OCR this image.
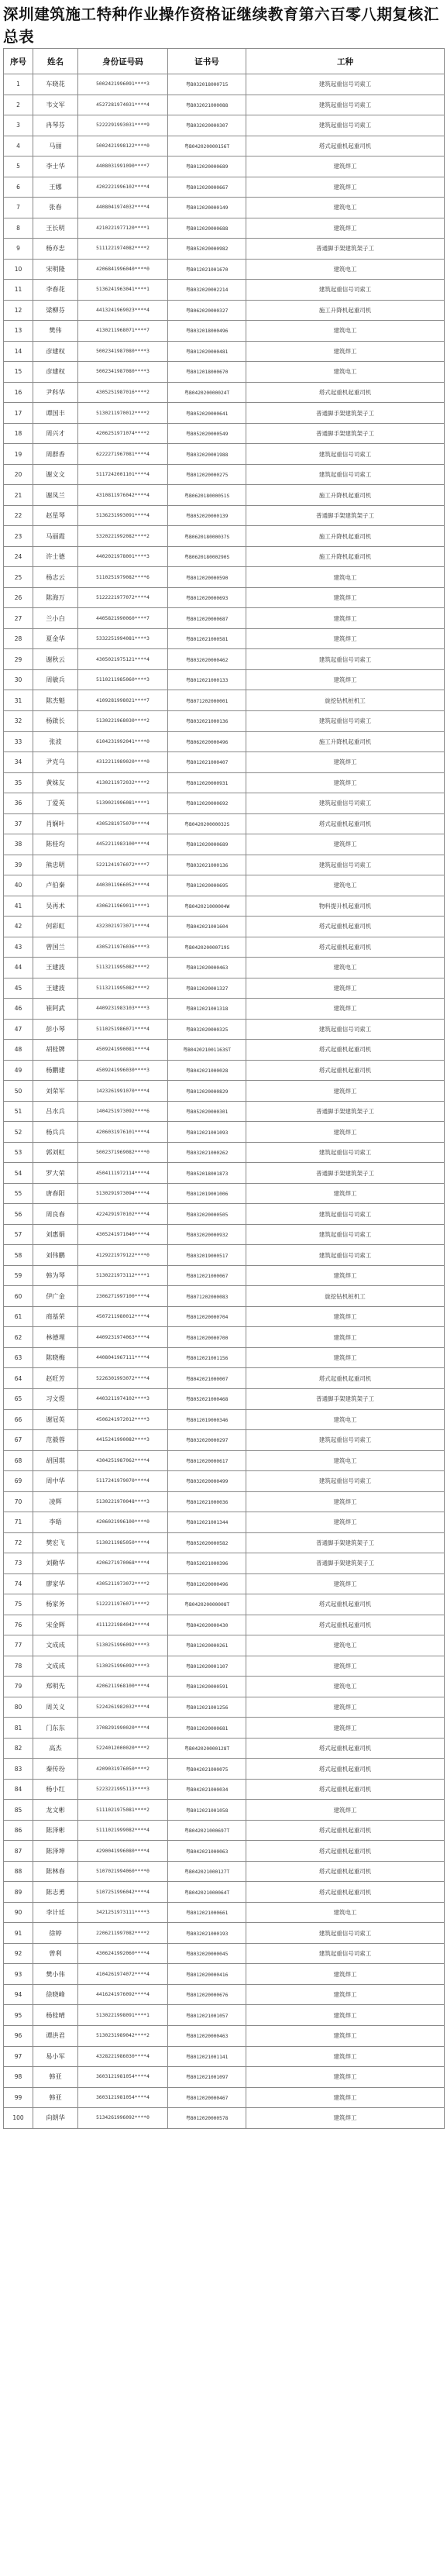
深圳建筑施工特种作业操作资格证继续教育第六百零八期复核汇总表
序号	姓名	身份证号码	证书号	工种
1	车晓花	5002421996091****3	粤B032018000715	建筑起重信号司索工
2	韦文军	4527281974031****4	粤B032021000088	建筑起重信号司索工
3	冉琴芬	5222291993031****9	粤B032020000307	建筑起重信号司索工
4	马丽	5002421998122****0	粤B042020000156T	塔式起重机起重司机
5	李士华	4408031991090****7	粤B012020000689	建筑焊工
6	王娜	4202221996102****4	粤B012020000667	建筑焊工
7	张春	4408041974032****4	粤B012020000149	建筑电工
8	王长明	4210221977120****1	粤B012020000688	建筑焊工
9	杨亦忠	5111221974082****2	粤B052020000982	普通脚手架建筑架子工
10	宋明隆	4206841996040****0	粤B012021001670	建筑电工
11	李春花	5136241963041****1	粤B032020002214	建筑起重信号司索工
12	梁柳芬	4413241969023****4	粤B062020000327	施工升降机起重司机
13	樊伟	4130211968071****7	粤B032018000496	建筑电工
14	彦建权	5002341987080****3	粤B012020000481	建筑焊工
15	彦建权	5002341987080****3	粤B012018000670	建筑电工
16	尹科华	4305251987016****2	粤B042020000024T	塔式起重机起重司机
17	谭国丰	5130211970012****2	粤B052020000641	普通脚手架建筑架子工
18	周兴才	4206251971074****2	粤B052020000549	普通脚手架建筑架子工
19	周群香	6222271967081****4	粤B032020001988	建筑起重信号司索工
20	谢文文	5117242001101****4	粤B012020000275	建筑起重信号司索工
21	谢凤兰	4310811976042****4	粤B062018000051S	施工升降机起重司机
22	赵星琴	5136231993091****4	粤B052020000139	普通脚手架建筑架子工
23	马丽霞	5320221992082****2	粤B062018000037S	施工升降机起重司机
24	许士德	4402021978001****3	粤B062018000290S	施工升降机起重司机
25	杨志云	5110251979082****6	粤B012020000590	建筑电工
26	陈海万	5122221977072****4	粤B012020000693	建筑焊工
27	兰小白	4405821990060****7	粤B012020000687	建筑焊工
28	夏金华	5332251994081****3	粤B012021000581	建筑焊工
29	谢秋云	4305021975121****4	粤B032020000462	建筑起重信号司索工
30	周敏兵	5110211985060****3	粤B012021000133	建筑焊工
31	陈杰魁	4109281998021****7	粤B071202000001	旋挖钻机桩机工
32	杨啟长	5130221968030****2	粤B032021000136	建筑起重信号司索工
33	张波	6104231992041****0	粤B062020000496	施工升降机起重司机
34	尹克乌	4312211989020****0	粤B012021000407	建筑焊工
35	黄妹友	4130211972032****2	粤B012020000931	建筑焊工
36	丁爱英	5139021996081****1	粤B012020000692	建筑起重信号司索工
37	肖娴叶	4305281975070****4	粤B042020000032S	塔式起重机起重司机
38	陈桂均	4452211983100****4	粤B012020000689	建筑焊工
39	熊忠明	5221241976072****7	粤B032021000136	建筑起重信号司索工
40	卢伯秦	4403011966052****4	粤B012020000695	建筑电工
41	吴再术	4306211969011****1	粤B042021000004W	物料提升机起重司机
42	何彩虹	4323021973071****4	粤B042021001604	塔式起重机起重司机
43	曾国兰	4305211976036****3	粤B042020000719S	塔式起重机起重司机
44	王建波	5113211995082****2	粤B012020000463	建筑电工
45	王建波	5113211995082****2	粤B012020001327	建筑焊工
46	崔阿武	4409231983103****3	粤B012021001318	建筑焊工
47	彭小琴	5110251986071****4	粤B032020000325	建筑起重信号司索工
48	胡桂牌	4509241990081****4	粤B042021001163ST	塔式起重机起重司机
49	杨鹏建	4509241996030****3	粤B042021000028	塔式起重机起重司机
50	刘荣军	1423261991070****4	粤B012020000829	建筑焊工
51	吕水兵	1404251973092****6	粤B052020000301	普通脚手架建筑架子工
52	杨兵兵	4206031976101****4	粤B012021001093	建筑焊工
53	郭刘虹	5002371969082****0	粤B032021000262	建筑起重信号司索工
54	罗大荣	4504111972114****4	粤B052018001873	普通脚手架建筑架子工
55	唐春阳	5130291973094****4	粤B012019001006	建筑焊工
56	周良春	4224291970102****4	粤B032020000505	建筑起重信号司索工
57	刘惠娟	4305241971040****4	粤B032020000932	建筑起重信号司索工
58	刘伟鹏	4129221979122****0	粤B032019000517	建筑起重信号司索工
59	韩为琴	5130221973112****1	粤B012021000067	建筑焊工
60	伊广金	2306271997100****4	粤B071202000083	旋挖钻机桩机工
61	商基荣	4507211980012****4	粤B012020000704	建筑焊工
62	林德埋	4409231974063****4	粤B012020000700	建筑焊工
63	陈晓梅	4408041967111****4	粤B012021001156	建筑焊工
64	赵旺芳	5226301993072****4	粤B042021000007	塔式起重机起重司机
65	习文煜	4403211974102****3	粤B052021000468	普通脚手架建筑架子工
66	谢冠英	4506241972012****3	粤B012019000346	建筑电工
67	范毅蓉	4415241990082****3	粤B032020000297	建筑起重信号司索工
68	胡国琪	4304251987062****4	粤B012020000617	建筑电工
69	周中华	5117241979070****4	粤B032020000499	建筑起重信号司索工
70	凌辉	5130221970048****3	粤B012021000036	建筑焊工
71	李晤	4206021996100****0	粤B012021001344	建筑焊工
72	樊宏飞	5130211985050****4	粤B052020000582	普通脚手架建筑架子工
73	刘勤华	4206271970068****4	粤B052021000396	普通脚手架建筑架子工
74	廖家华	4305211973072****2	粤B012020000496	建筑焊工
75	杨家务	5122211976071****2	粤B042020000008T	塔式起重机起重司机
76	宋金辉	4111221984042****4	粤B042020000430	塔式起重机起重司机
77	文成成	5130251996092****3	粤B012020000261	建筑电工
78	文成成	5130251996092****3	粤B012020001107	建筑焊工
79	郑明先	4206211968100****4	粤B012020000591	建筑电工
80	周关义	5224261982032****4	粤B012021001256	建筑焊工
81	门东东	3708291990020****4	粤B012020000681	建筑焊工
82	高杰	5224012000020****2	粤B042020000128T	塔式起重机起重司机
83	秦传玢	4209031976050****2	粤B042021000075	塔式起重机起重司机
84	杨小红	5223221995113****3	粤B042021000034	塔式起重机起重司机
85	龙文彬	5111021975081****2	粤B012021001058	建筑焊工
86	陈泽彬	5111021999082****4	粤B042021000697T	塔式起重机起重司机
87	陈泽坤	4290041996080****4	粤B042021000063	塔式起重机起重司机
88	陈林春	5107021994060****0	粤B042021000127T	塔式起重机起重司机
89	陈志勇	5107251996042****4	粤B042021000064T	塔式起重机起重司机
90	李计廷	3421251973111****3	粤B012021000661	建筑电工
91	徐婷	2206211997082****2	粤B032021000193	建筑起重信号司索工
92	曾利	4306241992060****4	粤B032020000045	建筑起重信号司索工
93	樊小伟	4104261974072****4	粤B012020000416	建筑焊工
94	徐晓峰	4416241976092****4	粤B012020000676	建筑焊工
95	杨桂晴	5130221998091****1	粤B012021001057	建筑焊工
96	谭洪君	5130231989042****2	粤B012020000463	建筑焊工
97	易小军	4328221986030****4	粤B012021001141	建筑焊工
98	韩亚	3603121981054****4	粤B012021001097	建筑焊工
99	韩亚	3603121981054****4	粤B012020000467	建筑焊工
100	向朗华	5134261996092****0	粤B012020000578	建筑焊工
